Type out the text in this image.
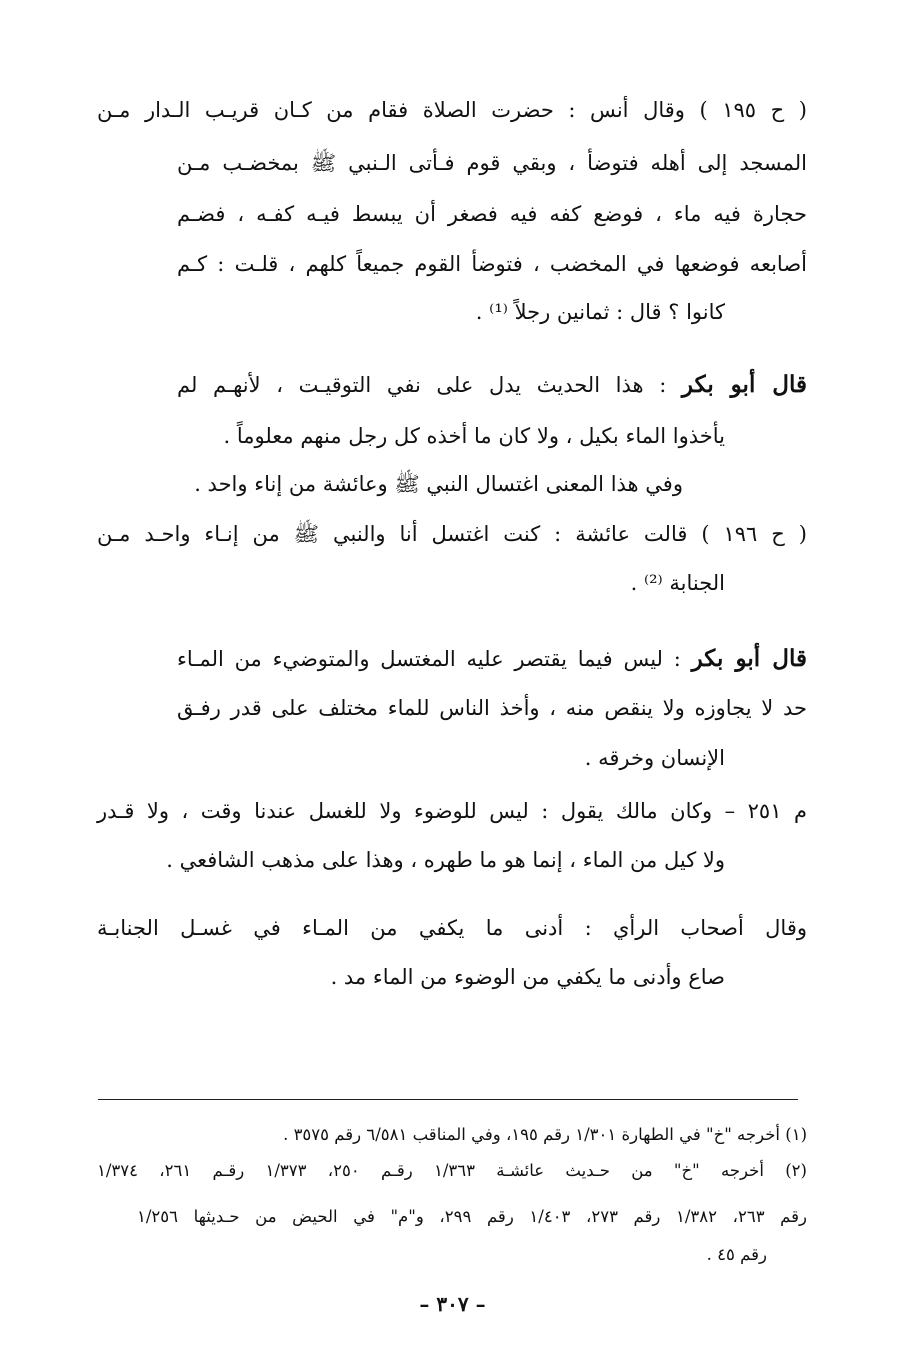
( ح ١٩٥ ) وقال أنس : حضرت الصلاة فقام من كـان قريـب الـدار مـن
المسجد إلى أهله فتوضأ ، وبقي قوم فـأتى الـنبي ﷺ بمخضـب مـن
حجارة فيه ماء ، فوضع كفه فيه فصغر أن يبسط فيـه كفـه ، فضـم
أصابعه فوضعها في المخضب ، فتوضأ القوم جميعاً كلهم ، قلـت : كـم
كانوا ؟ قال : ثمانين رجلاً ⁽¹⁾ .
قال أبو بكر : هذا الحديث يدل على نفي التوقيـت ، لأنهـم لم
يأخذوا الماء بكيل ، ولا كان ما أخذه كل رجل منهم معلوماً .
وفي هذا المعنى اغتسال النبي ﷺ وعائشة من إناء واحد .
( ح ١٩٦ ) قالت عائشة : كنت اغتسل أنا والنبي ﷺ من إنـاء واحـد مـن
الجنابة ⁽²⁾ .
قال أبو بكر : ليس فيما يقتصر عليه المغتسل والمتوضيء من المـاء
حد لا يجاوزه ولا ينقص منه ، وأخذ الناس للماء مختلف على قدر رفـق
الإنسان وخرقه .
م ٢٥١ – وكان مالك يقول : ليس للوضوء ولا للغسل عندنا وقت ، ولا قـدر
ولا كيل من الماء ، إنما هو ما طهره ، وهذا على مذهب الشافعي .
وقال أصحاب الرأي : أدنى ما يكفي من المـاء في غسـل الجنابـة
صاع وأدنى ما يكفي من الوضوء من الماء مد .
(١) أخرجه "خ" في الطهارة ١/٣٠١ رقم ١٩٥، وفي المناقب ٦/٥٨١ رقم ٣٥٧٥ .
(٢) أخرجه "خ" من حـديث عائشـة ١/٣٦٣ رقـم ٢٥٠، ١/٣٧٣ رقـم ٢٦١، ١/٣٧٤
رقم ٢٦٣، ١/٣٨٢ رقم ٢٧٣، ١/٤٠٣ رقم ٢٩٩، و"م" في الحيض من حـديثها ١/٢٥٦
رقم ٤٥ .
– ٣٠٧ –
